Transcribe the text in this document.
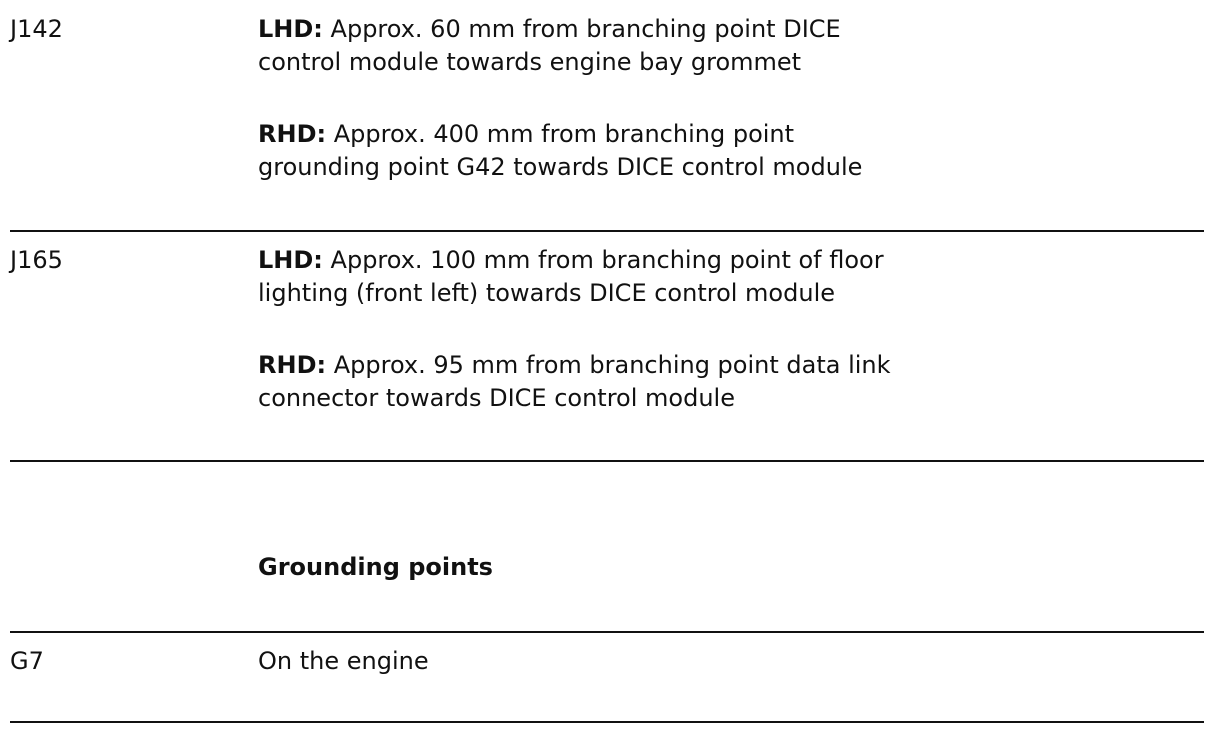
J142	LHD: Approx. 60 mm from branching point DICE
control module towards engine bay grommet

RHD: Approx. 400 mm from branching point
grounding point G42 towards DICE control module

J165	LHD: Approx. 100 mm from branching point of floor
lighting (front left) towards DICE control module

RHD: Approx. 95 mm from branching point data link
connector towards DICE control module

Grounding points
G7	On the engine
